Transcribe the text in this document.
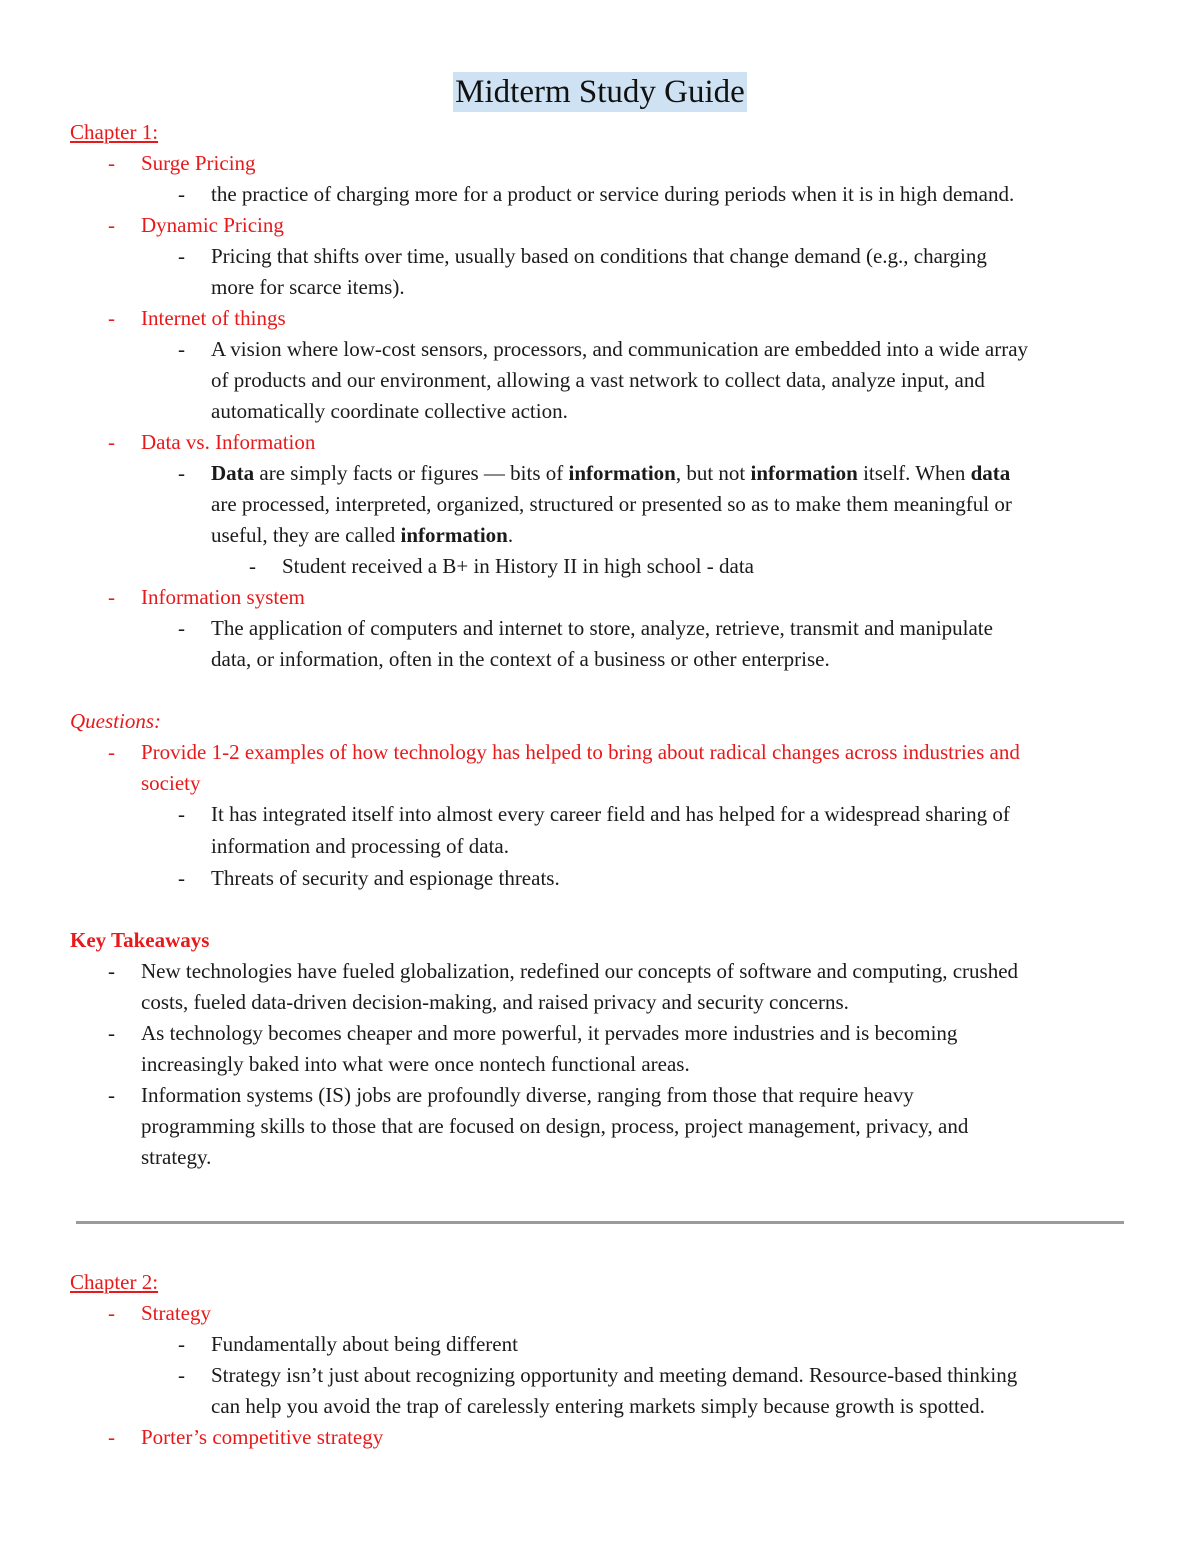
Midterm Study Guide
Chapter 1:
- Surge Pricing
- the practice of charging more for a product or service during periods when it is in high demand.
- Dynamic Pricing
- Pricing that shifts over time, usually based on conditions that change demand (e.g., charging
more for scarce items).
- Internet of things
- A vision where low-cost sensors, processors, and communication are embedded into a wide array
of products and our environment, allowing a vast network to collect data, analyze input, and
automatically coordinate collective action.
- Data vs. Information
- Data are simply facts or figures — bits of information, but not information itself. When data
are processed, interpreted, organized, structured or presented so as to make them meaningful or
useful, they are called information.
- Student received a B+ in History II in high school - data
- Information system
- The application of computers and internet to store, analyze, retrieve, transmit and manipulate
data, or information, often in the context of a business or other enterprise.
Questions:
- Provide 1-2 examples of how technology has helped to bring about radical changes across industries and
society
- It has integrated itself into almost every career field and has helped for a widespread sharing of
information and processing of data.
- Threats of security and espionage threats.
Key Takeaways
- New technologies have fueled globalization, redefined our concepts of software and computing, crushed
costs, fueled data-driven decision-making, and raised privacy and security concerns.
- As technology becomes cheaper and more powerful, it pervades more industries and is becoming
increasingly baked into what were once nontech functional areas.
- Information systems (IS) jobs are profoundly diverse, ranging from those that require heavy
programming skills to those that are focused on design, process, project management, privacy, and
strategy.
Chapter 2:
- Strategy
- Fundamentally about being different
- Strategy isn’t just about recognizing opportunity and meeting demand. Resource-based thinking
can help you avoid the trap of carelessly entering markets simply because growth is spotted.
- Porter’s competitive strategy
